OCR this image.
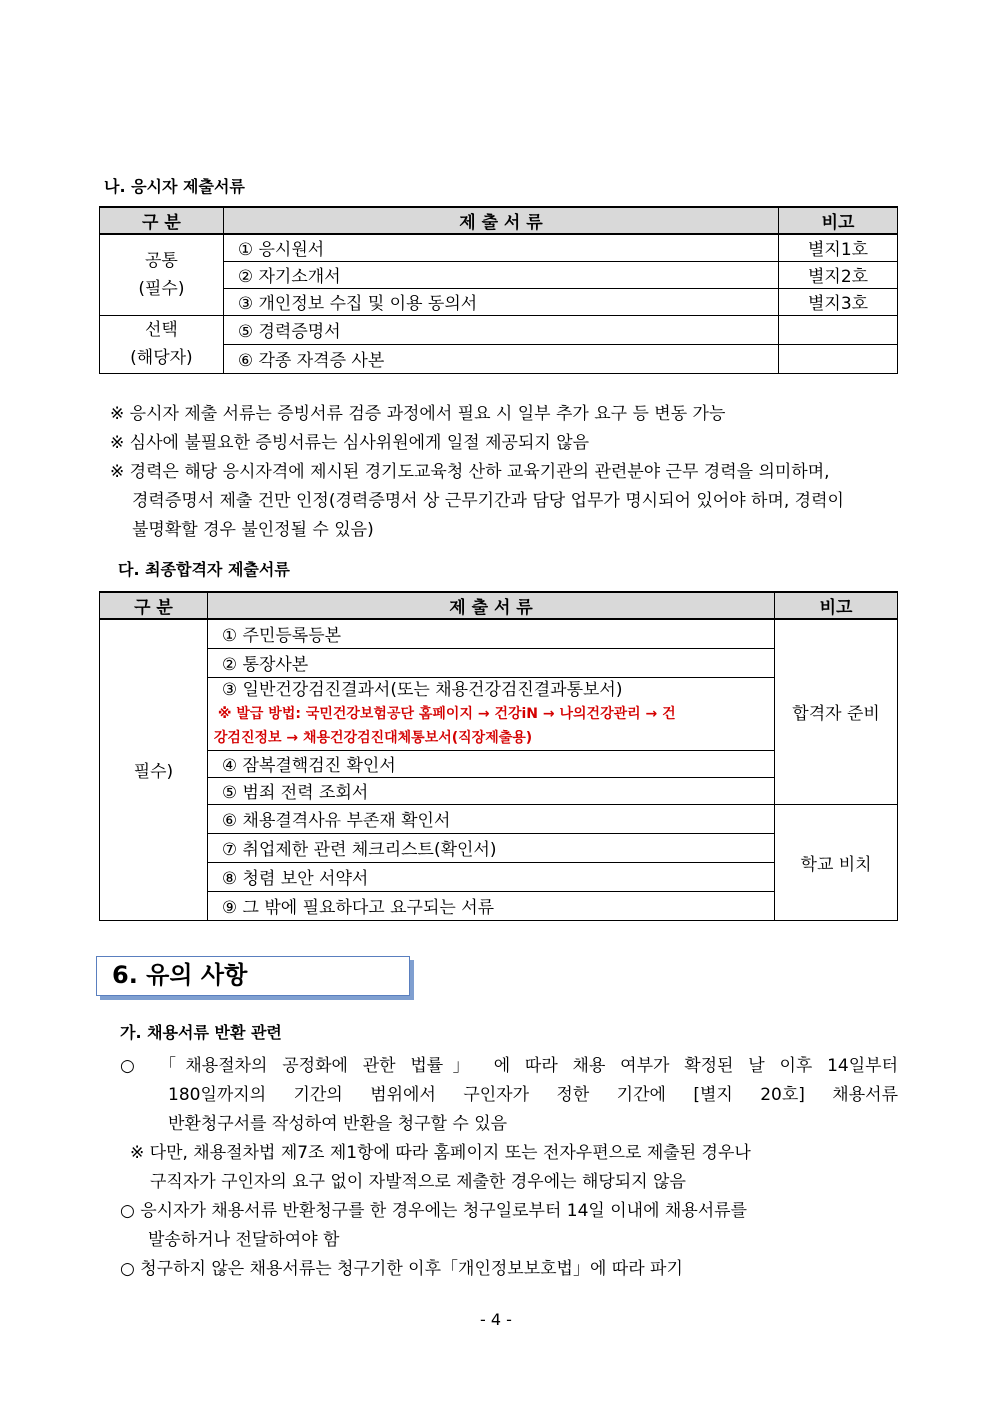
나. 응시자 제출서류
구 분	제 출 서 류	비고

공통
(필수)	① 응시원서	별지1호
	② 자기소개서	별지2호
	③ 개인정보 수집 및 이용 동의서	별지3호

선택
(해당자)	⑤ 경력증명서	
	⑥ 각종 자격증 사본	
※ 응시자 제출 서류는 증빙서류 검증 과정에서 필요 시 일부 추가 요구 등 변동 가능
※ 심사에 불필요한 증빙서류는 심사위원에게 일절 제공되지 않음
※ 경력은 해당 응시자격에 제시된 경기도교육청 산하 교육기관의 관련분야 근무 경력을 의미하며,
경력증명서 제출 건만 인정(경력증명서 상 근무기간과 담당 업무가 명시되어 있어야 하며, 경력이
불명확할 경우 불인정될 수 있음)
다. 최종합격자 제출서류
구 분	제 출 서 류	비고
필수)	① 주민등록등본	합격자 준비
	② 통장사본	

	③ 일반건강검진결과서(또는 채용건강검진결과통보서)
※ 발급 방법: 국민건강보험공단 홈페이지 → 건강iN → 나의건강관리 → 건
강검진정보 → 채용건강검진대체통보서(직장제출용)	

	④ 잠복결핵검진 확인서	
	⑤ 범죄 전력 조회서	
	⑥ 채용결격사유 부존재 확인서	학교 비치
	⑦ 취업제한 관련 체크리스트(확인서)	
	⑧ 청렴 보안 서약서	
	⑨ 그 밖에 필요하다고 요구되는 서류	
6. 유의 사항
가. 채용서류 반환 관련
○ 「채용절차의 공정화에 관한 법률」 에 따라 채용 여부가 확정된 날 이후 14일부터
180일까지의 기간의 범위에서 구인자가 정한 기간에 [별지 20호] 채용서류
반환청구서를 작성하여 반환을 청구할 수 있음
※ 다만, 채용절차법 제7조 제1항에 따라 홈페이지 또는 전자우편으로 제출된 경우나
구직자가 구인자의 요구 없이 자발적으로 제출한 경우에는 해당되지 않음
○ 응시자가 채용서류 반환청구를 한 경우에는 청구일로부터 14일 이내에 채용서류를
발송하거나 전달하여야 함
○ 청구하지 않은 채용서류는 청구기한 이후「개인정보보호법」에 따라 파기
- 4 -
